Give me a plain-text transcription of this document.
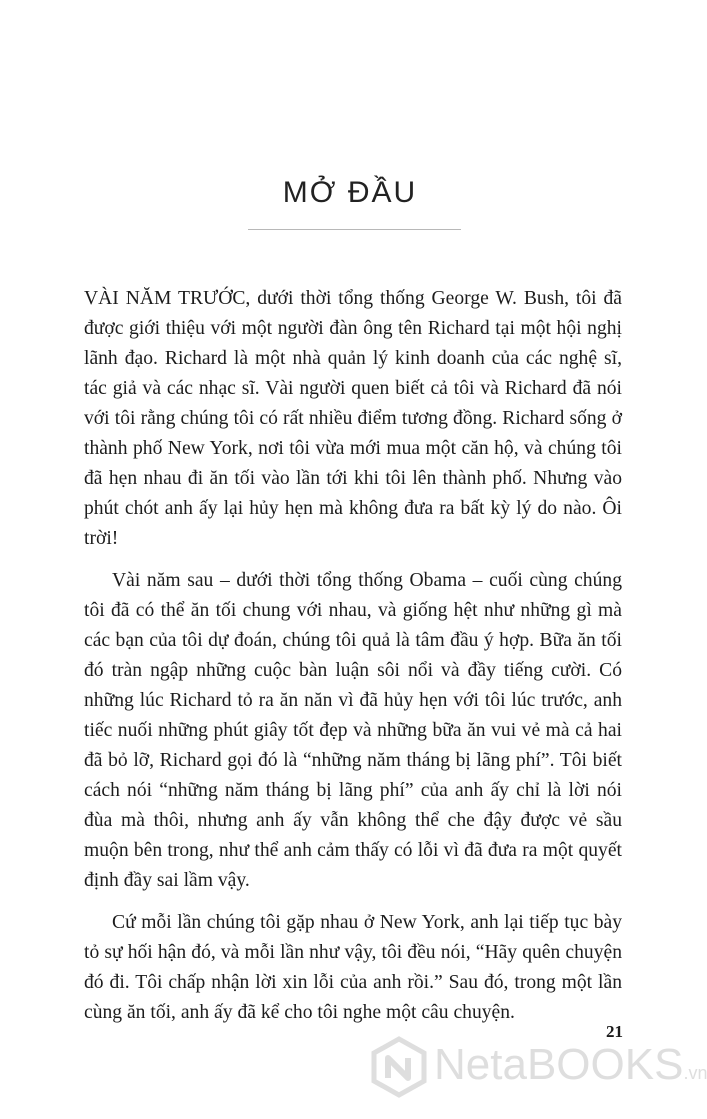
MỞ ĐẦU

VÀI NĂM TRƯỚC, dưới thời tổng thống George W. Bush, tôi đã được giới thiệu với một người đàn ông tên Richard tại một hội nghị lãnh đạo. Richard là một nhà quản lý kinh doanh của các nghệ sĩ, tác giả và các nhạc sĩ. Vài người quen biết cả tôi và Richard đã nói với tôi rằng chúng tôi có rất nhiều điểm tương đồng. Richard sống ở thành phố New York, nơi tôi vừa mới mua một căn hộ, và chúng tôi đã hẹn nhau đi ăn tối vào lần tới khi tôi lên thành phố. Nhưng vào phút chót anh ấy lại hủy hẹn mà không đưa ra bất kỳ lý do nào. Ôi trời!

Vài năm sau – dưới thời tổng thống Obama – cuối cùng chúng tôi đã có thể ăn tối chung với nhau, và giống hệt như những gì mà các bạn của tôi dự đoán, chúng tôi quả là tâm đầu ý hợp. Bữa ăn tối đó tràn ngập những cuộc bàn luận sôi nổi và đầy tiếng cười. Có những lúc Richard tỏ ra ăn năn vì đã hủy hẹn với tôi lúc trước, anh tiếc nuối những phút giây tốt đẹp và những bữa ăn vui vẻ mà cả hai đã bỏ lỡ, Richard gọi đó là “những năm tháng bị lãng phí”. Tôi biết cách nói “những năm tháng bị lãng phí” của anh ấy chỉ là lời nói đùa mà thôi, nhưng anh ấy vẫn không thể che đậy được vẻ sầu muộn bên trong, như thể anh cảm thấy có lỗi vì đã đưa ra một quyết định đầy sai lầm vậy.

Cứ mỗi lần chúng tôi gặp nhau ở New York, anh lại tiếp tục bày tỏ sự hối hận đó, và mỗi lần như vậy, tôi đều nói, “Hãy quên chuyện đó đi. Tôi chấp nhận lời xin lỗi của anh rồi.” Sau đó, trong một lần cùng ăn tối, anh ấy đã kể cho tôi nghe một câu chuyện.

21
NetaBOOKS.vn
